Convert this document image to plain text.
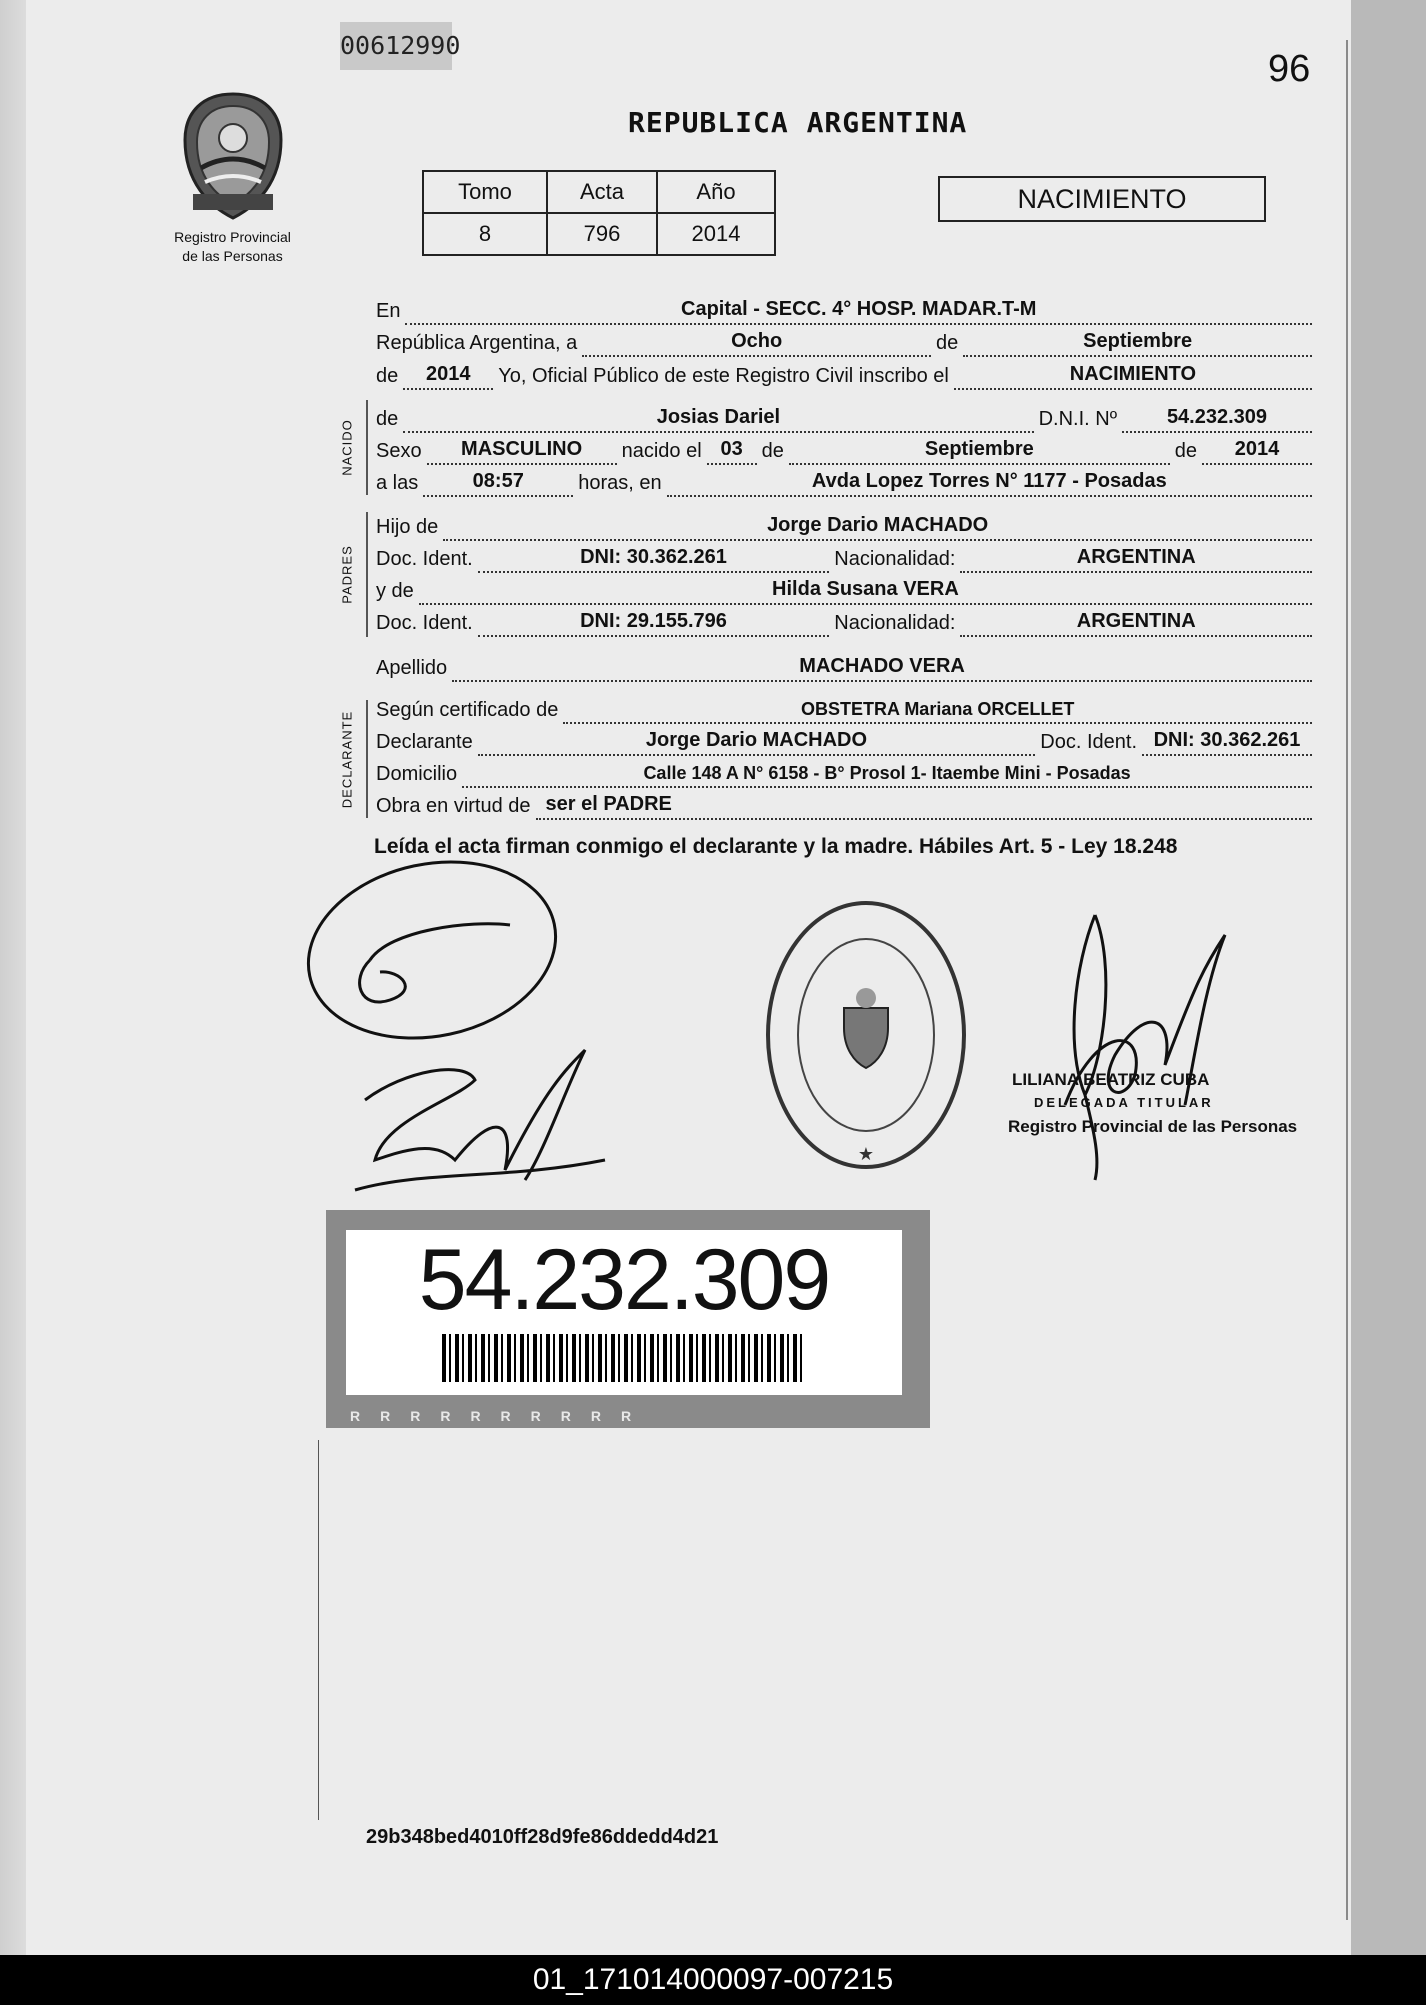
00612990
96
REPUBLICA ARGENTINA
Registro Provincial
de las Personas
Tomo	Acta	Año
8	796	2014
NACIMIENTO
NACIDO
PADRES
DECLARANTE
En	Capital - SECC. 4° HOSP. MADAR.T-M
República Argentina, a	Ocho	de	Septiembre
de	2014	Yo, Oficial Público de este Registro Civil inscribo el	NACIMIENTO
de	Josias Dariel	D.N.I. Nº	54.232.309
Sexo	MASCULINO	nacido el 03 de	Septiembre	de	2014
a las	08:57	horas, en	Avda Lopez Torres N° 1177 - Posadas
Hijo de	Jorge Dario MACHADO
Doc. Ident.	DNI: 30.362.261	Nacionalidad:	ARGENTINA
y de	Hilda Susana VERA
Doc. Ident.	DNI: 29.155.796	Nacionalidad:	ARGENTINA
Apellido	MACHADO VERA
Según certificado de	OBSTETRA Mariana ORCELLET
Declarante	Jorge Dario MACHADO	Doc. Ident. DNI: 30.362.261
Domicilio	Calle 148 A N° 6158 - B° Prosol 1- Itaembe Mini - Posadas
Obra en virtud de ser el PADRE
Leída el acta firman conmigo el declarante y la madre. Hábiles Art. 5 - Ley 18.248
★
LILIANA BEATRIZ CUBA
DELEGADA TITULAR
Registro Provincial de las Personas
54.232.309
RRRRRRRRRR
29b348bed4010ff28d9fe86ddedd4d21
01_171014000097-007215
